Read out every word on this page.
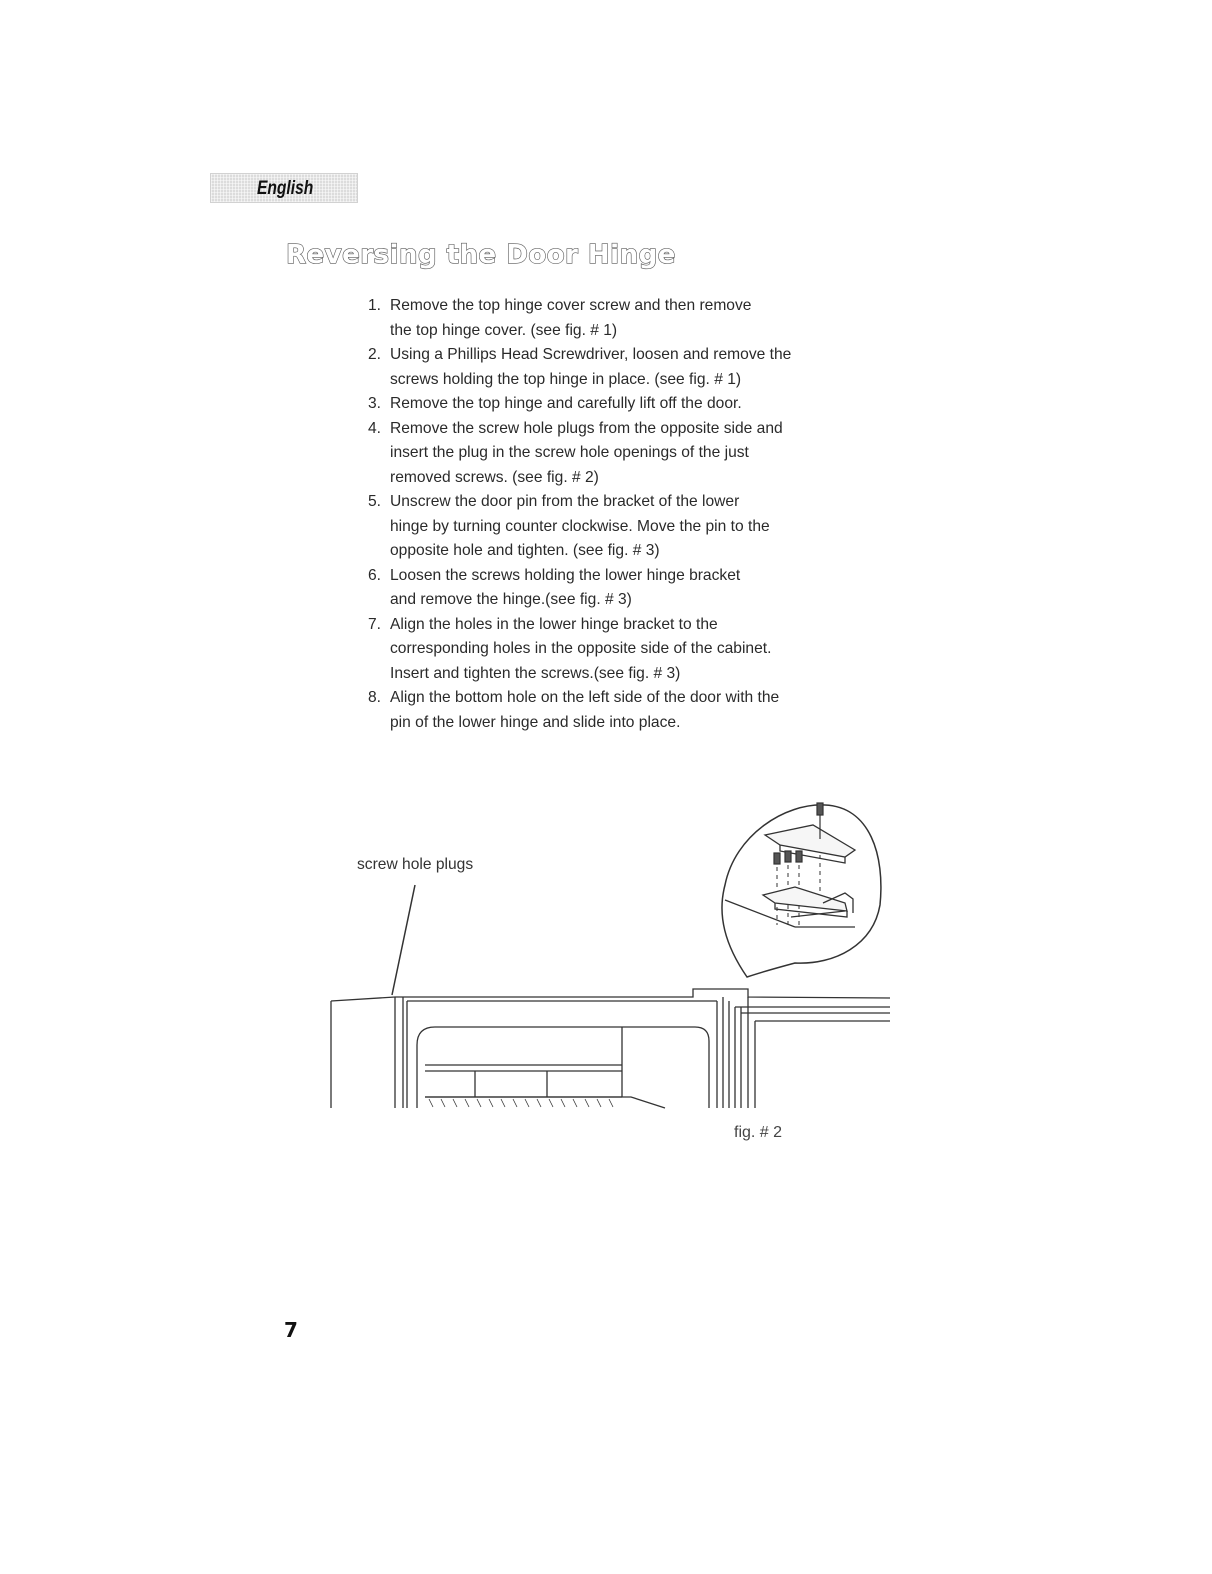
English
Reversing the Door Hinge
1. Remove the top hinge cover screw and then remove
the top hinge cover. (see fig. # 1)
2. Using a Phillips Head Screwdriver, loosen and remove the
screws holding the top hinge in place. (see fig. # 1)
3. Remove the top hinge and carefully lift off the door.
4. Remove the screw hole plugs from the opposite side and
insert the plug in the screw hole openings of the just
removed screws. (see fig. # 2)
5. Unscrew the door pin from the bracket of the lower
hinge by turning counter clockwise. Move the pin to the
opposite hole and tighten. (see fig. # 3)
6. Loosen the screws holding the lower hinge bracket
and remove the hinge.(see fig. # 3)
7. Align the holes in the lower hinge bracket to the
corresponding holes in the opposite side of the cabinet.
Insert and tighten the screws.(see fig. # 3)
8. Align the bottom hole on the left side of the door with the
pin of the lower hinge and slide into place.
screw hole plugs
fig. # 2
7
